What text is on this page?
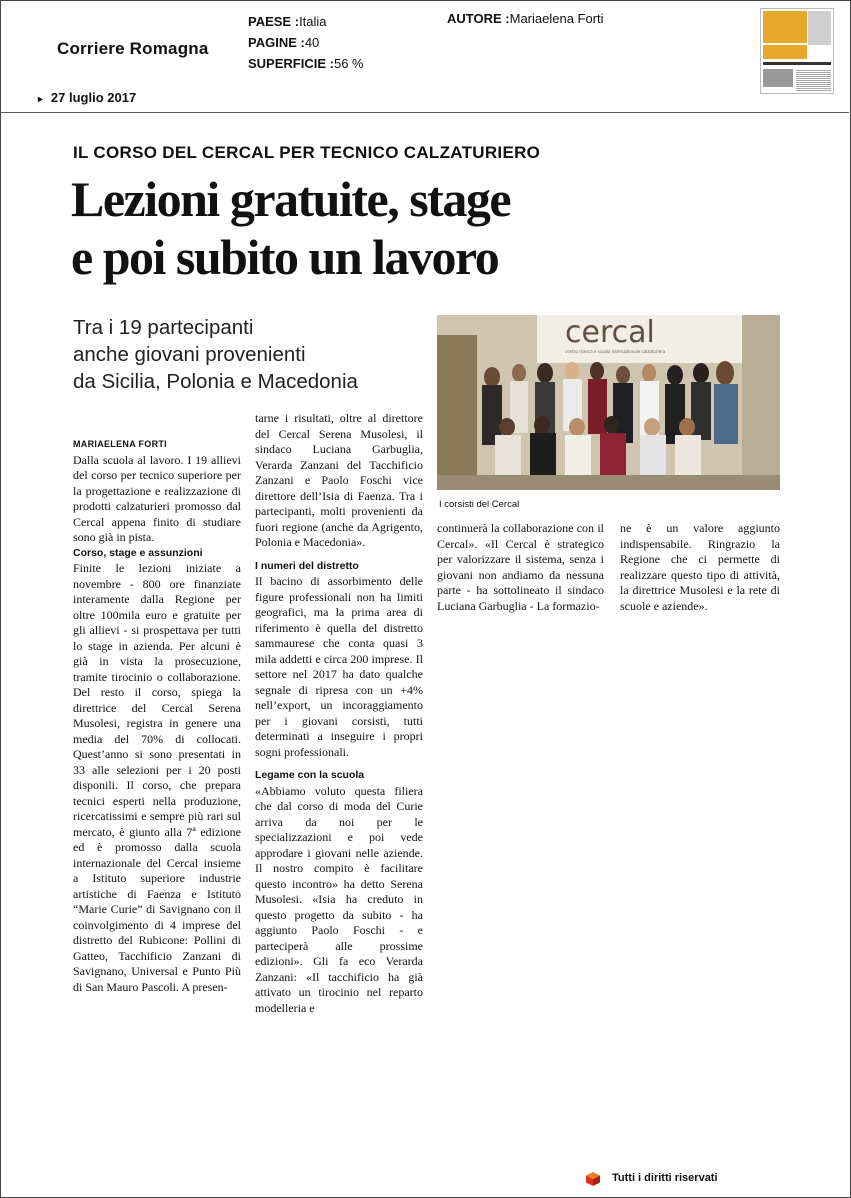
Corriere Romagna
PAESE :Italia
PAGINE :40
SUPERFICIE :56 %
AUTORE :Mariaelena Forti
► 27 luglio 2017
IL CORSO DEL CERCAL PER TECNICO CALZATURIERO
Lezioni gratuite, stage
e poi subito un lavoro
Tra i 19 partecipanti
anche giovani provenienti
da Sicilia, Polonia e Macedonia
cercal
centro ricerca e scuola internazionale calzaturiera
I corsisti del Cercal

MARIAELENA FORTI

Dalla scuola al lavoro. I 19 allievi del corso per tecnico superiore per la progettazione e realizzazione di prodotti calzaturieri promosso dal Cercal appena finito di studiare sono già in pista.

Corso, stage e assunzioni

Finite le lezioni iniziate a novembre - 800 ore finanziate interamente dalla Regione per oltre 100mila euro e gratuite per gli allievi - si prospettava per tutti lo stage in azienda. Per alcuni è già in vista la prosecuzione, tramite tirocinio o collaborazione. Del resto il corso, spiega la direttrice del Cercal Serena Musolesi, registra in genere una media del 70% di collocati. Quest’anno si sono presentati in 33 alle selezioni per i 20 posti disponili. Il corso, che prepara tecnici esperti nella produzione, ricercatissimi e sempre più rari sul mercato, è giunto alla 7ª edizione ed è promosso dalla scuola internazionale del Cercal insieme a Istituto superiore industrie artistiche di Faenza e Istituto “Marie Curie” di Savignano con il coinvolgimento di 4 imprese del distretto del Rubicone: Pollini di Gatteo, Tacchificio Zanzani di Savignano, Universal e Punto Più di San Mauro Pascoli. A presen-

tarne i risultati, oltre al direttore del Cercal Serena Musolesi, il sindaco Luciana Garbuglia, Verarda Zanzani del Tacchificio Zanzani e Paolo Foschi vice direttore dell’Isia di Faenza. Tra i partecipanti, molti provenienti da fuori regione (anche da Agrigento, Polonia e Macedonia».

I numeri del distretto

Il bacino di assorbimento delle figure professionali non ha limiti geografici, ma la prima area di riferimento è quella del distretto sammaurese che conta quasi 3 mila addetti e circa 200 imprese. Il settore nel 2017 ha dato qualche segnale di ripresa con un +4% nell’export, un incoraggiamento per i giovani corsisti, tutti determinati a inseguire i propri sogni professionali.

Legame con la scuola

«Abbiamo voluto questa filiera che dal corso di moda del Curie arriva da noi per le specializzazioni e poi vede approdare i giovani nelle aziende. Il nostro compito è facilitare questo incontro» ha detto Serena Musolesi. «Isia ha creduto in questo progetto da subito - ha aggiunto Paolo Foschi - e parteciperà alle prossime edizioni». Gli fa eco Verarda Zanzani: «Il tacchificio ha già attivato un tirocinio nel reparto modelleria e

continuerà la collaborazione con il Cercal». «Il Cercal è strategico per valorizzare il sistema, senza i giovani non andiamo da nessuna parte - ha sottolineato il sindaco Luciana Garbuglia - La formazio-

ne è un valore aggiunto indispensabile. Ringrazio la Regione che ci permette di realizzare questo tipo di attività, la direttrice Musolesi e la rete di scuole e aziende».

Tutti i diritti riservati
